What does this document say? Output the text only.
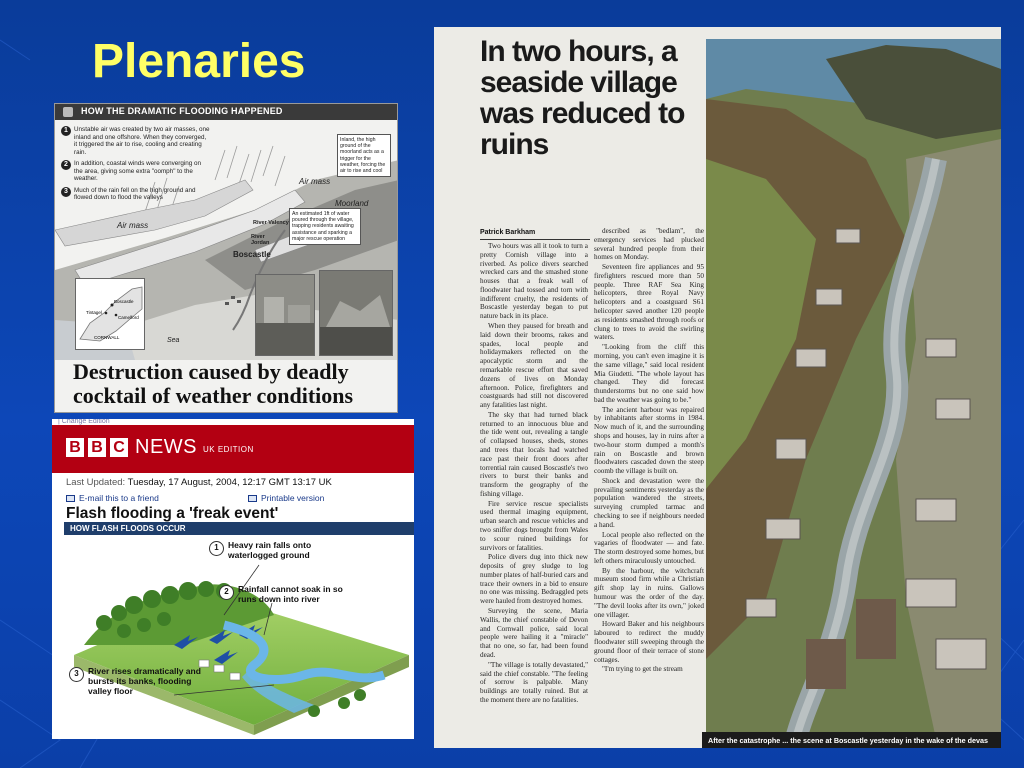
Plenaries
HOW THE DRAMATIC FLOODING HAPPENED
1 Unstable air was created by two air masses, one inland and one offshore. When they converged, it triggered the air to rise, cooling and creating rain.
2 In addition, coastal winds were converging on the area, giving some extra "oomph" to the weather.
3 Much of the rain fell on the high ground and flowed down to flood the valleys
Inland, the high ground of the moorland acts as a trigger for the weather, forcing the air to rise and cool
An estimated 1ft of water poured through the village, trapping residents awaiting assistance and sparking a major rescue operation
Air mass
Air mass
Moorland
River Valency
River Jordan
Boscastle
Sea
Boscastle
Tintagel
Camelford
CORNWALL
Destruction caused by deadly cocktail of weather conditions
| Change Edition
B B C NEWS UK EDITION
Last Updated: Tuesday, 17 August, 2004, 12:17 GMT 13:17 UK
E-mail this to a friend	Printable version
Flash flooding a 'freak event'
HOW FLASH FLOODS OCCUR
1	Heavy rain falls onto waterlogged ground
2	Rainfall cannot soak in so runs down into river
3	River rises dramatically and bursts its banks, flooding valley floor
In two hours, a seaside village was reduced to ruins
Patrick Barkham

Two hours was all it took to turn a pretty Cornish village into a riverbed. As police divers searched wrecked cars and the smashed stone houses that a freak wall of floodwater had tossed and torn with indifferent cruelty, the residents of Boscastle yesterday began to put nature back in its place.

When they paused for breath and laid down their brooms, rakes and spades, local people and holidaymakers reflected on the apocalyptic storm and the remarkable rescue effort that saved dozens of lives on Monday afternoon. Police, firefighters and coastguards had still not discovered any fatalities last night.

The sky that had turned black returned to an innocuous blue and the tide went out, revealing a tangle of collapsed houses, sheds, stones and trees that locals had watched race past their front doors after torrential rain caused Boscastle's two rivers to burst their banks and transform the geography of the fishing village.

Fire service rescue specialists used thermal imaging equipment, urban search and rescue vehicles and two sniffer dogs brought from Wales to scour ruined buildings for survivors or fatalities.

Police divers dug into thick new deposits of grey sludge to log number plates of half-buried cars and trace their owners in a bid to ensure no one was missing. Bedraggled pets were hauled from destroyed homes.

Surveying the scene, Maria Wallis, the chief constable of Devon and Cornwall police, said local people were hailing it a "miracle" that no one, so far, had been found dead.

"The village is totally devastated," said the chief constable. "The feeling of sorrow is palpable. Many buildings are totally ruined. But at the moment there are no fatalities.

described as "bedlam", the emergency services had plucked several hundred people from their homes on Monday.

Seventeen fire appliances and 95 firefighters rescued more than 50 people. Three RAF Sea King helicopters, three Royal Navy helicopters and a coastguard S61 helicopter saved another 120 people as residents smashed through roofs or clung to trees to avoid the swirling waters.

"Looking from the cliff this morning, you can't even imagine it is the same village," said local resident Mia Giudetti. "The whole layout has changed. They did forecast thunderstorms but no one said how bad the weather was going to be."

The ancient harbour was repaired by inhabitants after storms in 1984. Now much of it, and the surrounding shops and houses, lay in ruins after a two-hour storm dumped a month's rain on Boscastle and brown floodwaters cascaded down the steep coomb the village is built on.

Shock and devastation were the prevailing sentiments yesterday as the population wandered the streets, surveying crumpled tarmac and checking to see if neighbours needed a hand.

Local people also reflected on the vagaries of floodwater — and fate. The storm destroyed some homes, but left others miraculously untouched.

By the harbour, the witchcraft museum stood firm while a Christian gift shop lay in ruins. Gallows humour was the order of the day. "The devil looks after its own," joked one villager.

Howard Baker and his neighbours laboured to redirect the muddy floodwater still sweeping through the ground floor of their terrace of stone cottages.

"I'm trying to get the stream

After the catastrophe ... the scene at Boscastle yesterday in the wake of the devas
